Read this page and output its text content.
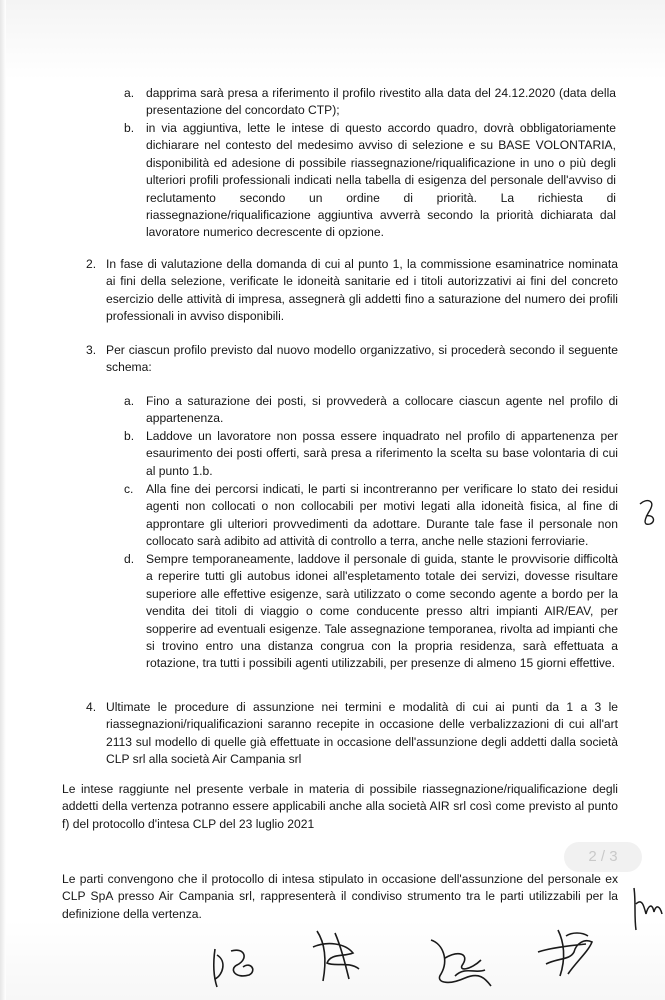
a. dapprima sarà presa a riferimento il profilo rivestito alla data del 24.12.2020 (data della presentazione del concordato CTP);

b. in via aggiuntiva, lette le intese di questo accordo quadro, dovrà obbligatoriamente dichiarare nel contesto del medesimo avviso di selezione e su BASE VOLONTARIA, disponibilità ed adesione di possibile riassegnazione/riqualificazione in uno o più degli ulteriori profili professionali indicati nella tabella di esigenza del personale dell'avviso di reclutamento secondo un ordine di priorità. La richiesta di riassegnazione/riqualificazione aggiuntiva avverrà secondo la priorità dichiarata dal lavoratore numerico decrescente di opzione.

2. In fase di valutazione della domanda di cui al punto 1, la commissione esaminatrice nominata ai fini della selezione, verificate le idoneità sanitarie ed i titoli autorizzativi ai fini del concreto esercizio delle attività di impresa, assegnerà gli addetti fino a saturazione del numero dei profili professionali in avviso disponibili.

3. Per ciascun profilo previsto dal nuovo modello organizzativo, si procederà secondo il seguente schema:

a. Fino a saturazione dei posti, si provvederà a collocare ciascun agente nel profilo di appartenenza.

b. Laddove un lavoratore non possa essere inquadrato nel profilo di appartenenza per esaurimento dei posti offerti, sarà presa a riferimento la scelta su base volontaria di cui al punto 1.b.

c. Alla fine dei percorsi indicati, le parti si incontreranno per verificare lo stato dei residui agenti non collocati o non collocabili per motivi legati alla idoneità fisica, al fine di approntare gli ulteriori provvedimenti da adottare. Durante tale fase il personale non collocato sarà adibito ad attività di controllo a terra, anche nelle stazioni ferroviarie.

d. Sempre temporaneamente, laddove il personale di guida, stante le provvisorie difficoltà a reperire tutti gli autobus idonei all'espletamento totale dei servizi, dovesse risultare superiore alle effettive esigenze, sarà utilizzato o come secondo agente a bordo per la vendita dei titoli di viaggio o come conducente presso altri impianti AIR/EAV, per sopperire ad eventuali esigenze. Tale assegnazione temporanea, rivolta ad impianti che si trovino entro una distanza congrua con la propria residenza, sarà effettuata a rotazione, tra tutti i possibili agenti utilizzabili, per presenze di almeno 15 giorni effettive.

4. Ultimate le procedure di assunzione nei termini e modalità di cui ai punti da 1 a 3 le riassegnazioni/riqualificazioni saranno recepite in occasione delle verbalizzazioni di cui all'art 2113 sul modello di quelle già effettuate in occasione dell'assunzione degli addetti dalla società CLP srl alla società Air Campania srl

Le intese raggiunte nel presente verbale in materia di possibile riassegnazione/riqualificazione degli addetti della vertenza potranno essere applicabili anche alla società AIR srl così come previsto al punto f) del protocollo d'intesa CLP del 23 luglio 2021

Le parti convengono che il protocollo di intesa stipulato in occasione dell'assunzione del personale ex CLP SpA presso Air Campania srl, rappresenterà il condiviso strumento tra le parti utilizzabili per la definizione della vertenza.

2 / 3
